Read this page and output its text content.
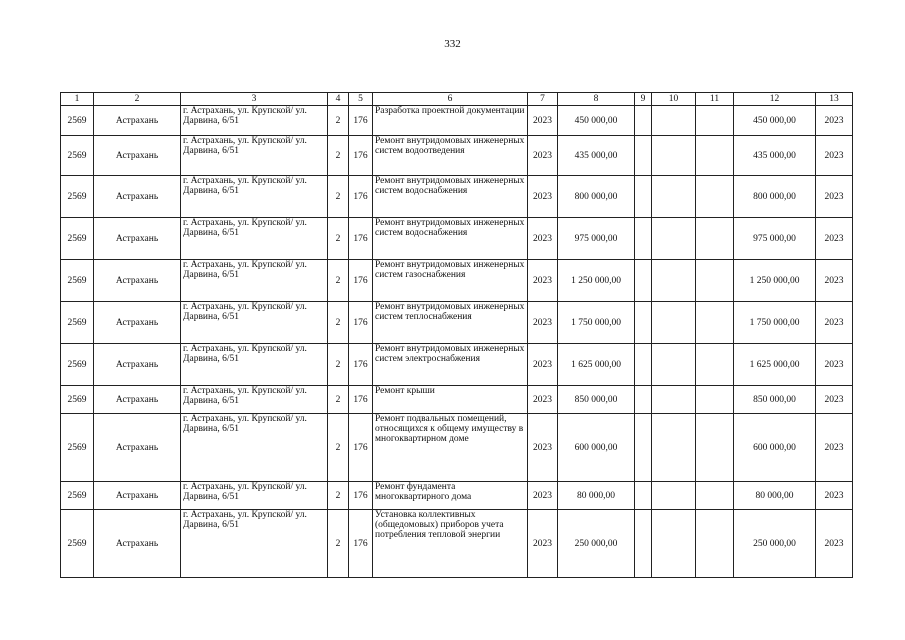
332
1	2	3	4	5	6	7	8	9	10	11	12	13
2569	Астрахань	г. Астрахань, ул. Крупской/ ул. Дарвина, 6/51	2	176	Разработка проектной документации	2023	450 000,00				450 000,00	2023
2569	Астрахань	г. Астрахань, ул. Крупской/ ул. Дарвина, 6/51	2	176	Ремонт внутридомовых инженерных систем водоотведения	2023	435 000,00				435 000,00	2023
2569	Астрахань	г. Астрахань, ул. Крупской/ ул. Дарвина, 6/51	2	176	Ремонт внутридомовых инженерных систем водоснабжения	2023	800 000,00				800 000,00	2023
2569	Астрахань	г. Астрахань, ул. Крупской/ ул. Дарвина, 6/51	2	176	Ремонт внутридомовых инженерных систем водоснабжения	2023	975 000,00				975 000,00	2023
2569	Астрахань	г. Астрахань, ул. Крупской/ ул. Дарвина, 6/51	2	176	Ремонт внутридомовых инженерных систем газоснабжения	2023	1 250 000,00				1 250 000,00	2023
2569	Астрахань	г. Астрахань, ул. Крупской/ ул. Дарвина, 6/51	2	176	Ремонт внутридомовых инженерных систем теплоснабжения	2023	1 750 000,00				1 750 000,00	2023
2569	Астрахань	г. Астрахань, ул. Крупской/ ул. Дарвина, 6/51	2	176	Ремонт внутридомовых инженерных систем электроснабжения	2023	1 625 000,00				1 625 000,00	2023
2569	Астрахань	г. Астрахань, ул. Крупской/ ул. Дарвина, 6/51	2	176	Ремонт крыши	2023	850 000,00				850 000,00	2023
2569	Астрахань	г. Астрахань, ул. Крупской/ ул. Дарвина, 6/51	2	176	Ремонт подвальных помещений, относящихся к общему имуществу в многоквартирном доме	2023	600 000,00				600 000,00	2023
2569	Астрахань	г. Астрахань, ул. Крупской/ ул. Дарвина, 6/51	2	176	Ремонт фундамента многоквартирного дома	2023	80 000,00				80 000,00	2023
2569	Астрахань	г. Астрахань, ул. Крупской/ ул. Дарвина, 6/51	2	176	Установка коллективных (общедомовых) приборов учета потребления тепловой энергии	2023	250 000,00				250 000,00	2023
